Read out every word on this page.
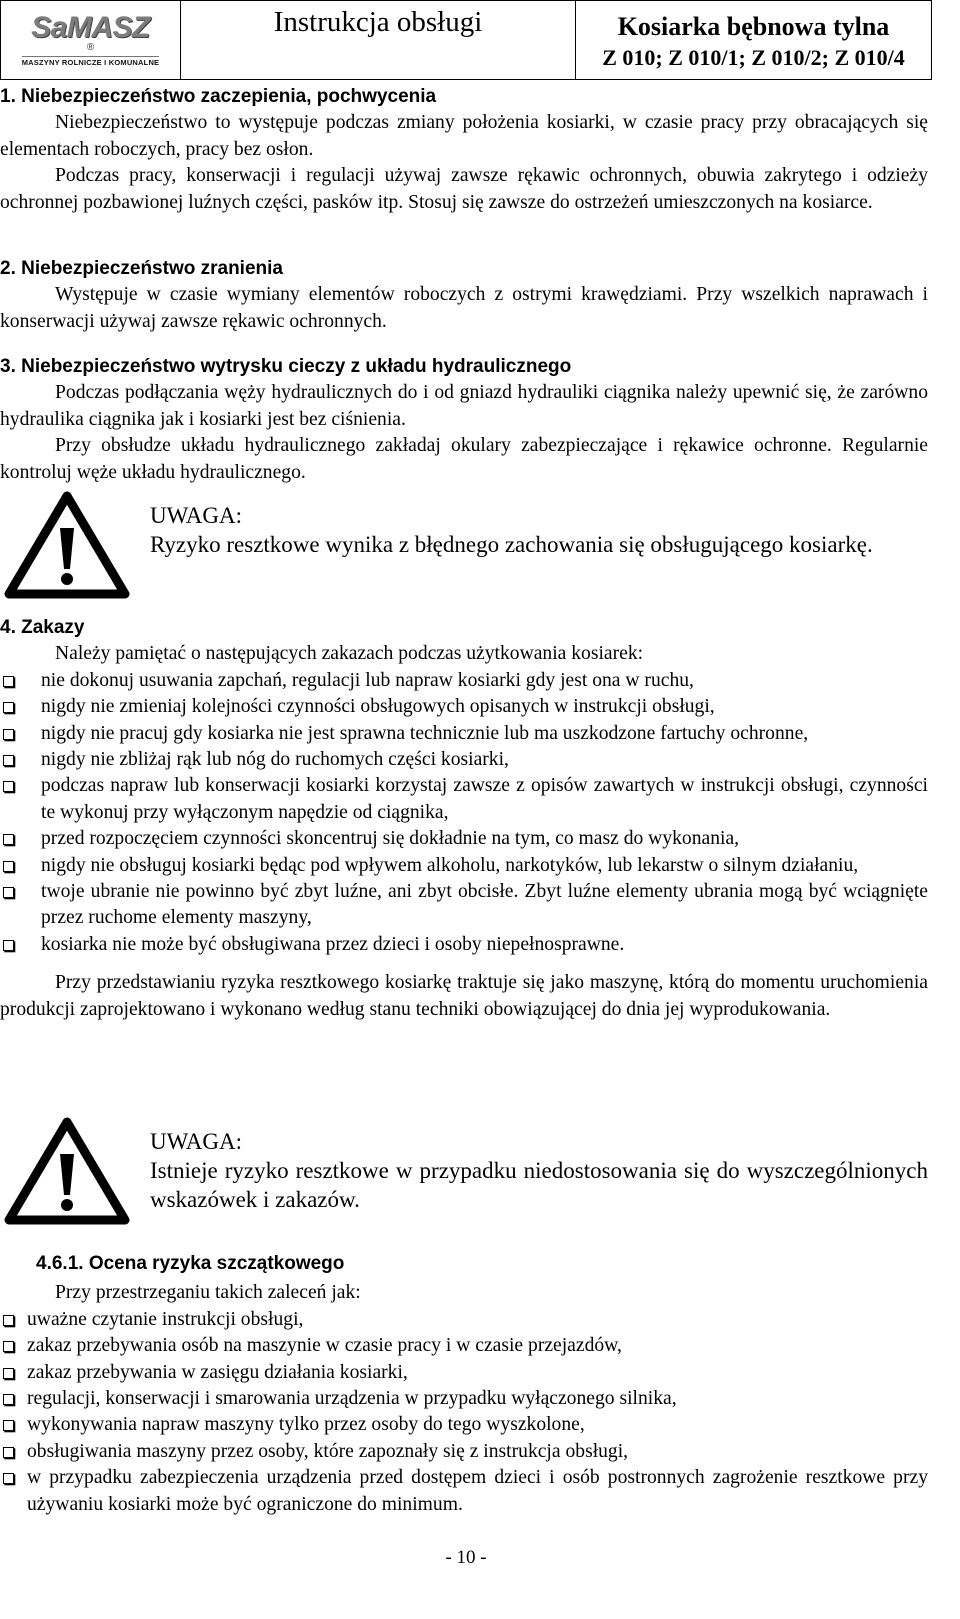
SaMASZ
®
MASZYNY ROLNICZE I KOMUNALNE
Instrukcja obsługi	Kosiarka bębnowa tylna
Z 010; Z 010/1; Z 010/2; Z 010/4
1. Niebezpieczeństwo zaczepienia, pochwycenia
Niebezpieczeństwo to występuje podczas zmiany położenia kosiarki, w czasie pracy przy obracających się elementach roboczych, pracy bez osłon.
Podczas pracy, konserwacji i regulacji używaj zawsze rękawic ochronnych, obuwia zakrytego i odzieży ochronnej pozbawionej luźnych części, pasków itp. Stosuj się zawsze do ostrzeżeń umieszczonych na kosiarce.
2. Niebezpieczeństwo zranienia
Występuje w czasie wymiany elementów roboczych z ostrymi krawędziami. Przy wszelkich naprawach i konserwacji używaj zawsze rękawic ochronnych.
3. Niebezpieczeństwo wytrysku cieczy z układu hydraulicznego
Podczas podłączania węży hydraulicznych do i od gniazd hydrauliki ciągnika należy upewnić się, że zarówno hydraulika ciągnika jak i kosiarki jest bez ciśnienia.
Przy obsłudze układu hydraulicznego zakładaj okulary zabezpieczające i rękawice ochronne. Regularnie kontroluj węże układu hydraulicznego.
UWAGA:
Ryzyko resztkowe wynika z błędnego zachowania się obsługującego kosiarkę.
4. Zakazy
Należy pamiętać o następujących zakazach podczas użytkowania kosiarek:
nie dokonuj usuwania zapchań, regulacji lub napraw kosiarki gdy jest ona w ruchu,
nigdy nie zmieniaj kolejności czynności obsługowych opisanych w instrukcji obsługi,
nigdy nie pracuj gdy kosiarka nie jest sprawna technicznie lub ma uszkodzone fartuchy ochronne,
nigdy nie zbliżaj rąk lub nóg do ruchomych części kosiarki,
podczas napraw lub konserwacji kosiarki korzystaj zawsze z opisów zawartych w instrukcji obsługi, czynności te wykonuj przy wyłączonym napędzie od ciągnika,
przed rozpoczęciem czynności skoncentruj się dokładnie na tym, co masz do wykonania,
nigdy nie obsługuj kosiarki będąc pod wpływem alkoholu, narkotyków, lub lekarstw o silnym działaniu,
twoje ubranie nie powinno być zbyt luźne, ani zbyt obcisłe. Zbyt luźne elementy ubrania mogą być wciągnięte przez ruchome elementy maszyny,
kosiarka nie może być obsługiwana przez dzieci i osoby niepełnosprawne.
Przy przedstawianiu ryzyka resztkowego kosiarkę traktuje się jako maszynę, którą do momentu uruchomienia produkcji zaprojektowano i wykonano według stanu techniki obowiązującej do dnia jej wyprodukowania.
UWAGA:
Istnieje ryzyko resztkowe w przypadku niedostosowania się do wyszczególnionych wskazówek i zakazów.
4.6.1. Ocena ryzyka szczątkowego
Przy przestrzeganiu takich zaleceń jak:
uważne czytanie instrukcji obsługi,
zakaz przebywania osób na maszynie w czasie pracy i w czasie przejazdów,
zakaz przebywania w zasięgu działania kosiarki,
regulacji, konserwacji i smarowania urządzenia w przypadku wyłączonego silnika,
wykonywania napraw maszyny tylko przez osoby do tego wyszkolone,
obsługiwania maszyny przez osoby, które zapoznały się z instrukcja obsługi,
w przypadku zabezpieczenia urządzenia przed dostępem dzieci i osób postronnych zagrożenie resztkowe przy używaniu kosiarki może być ograniczone do minimum.
- 10 -
